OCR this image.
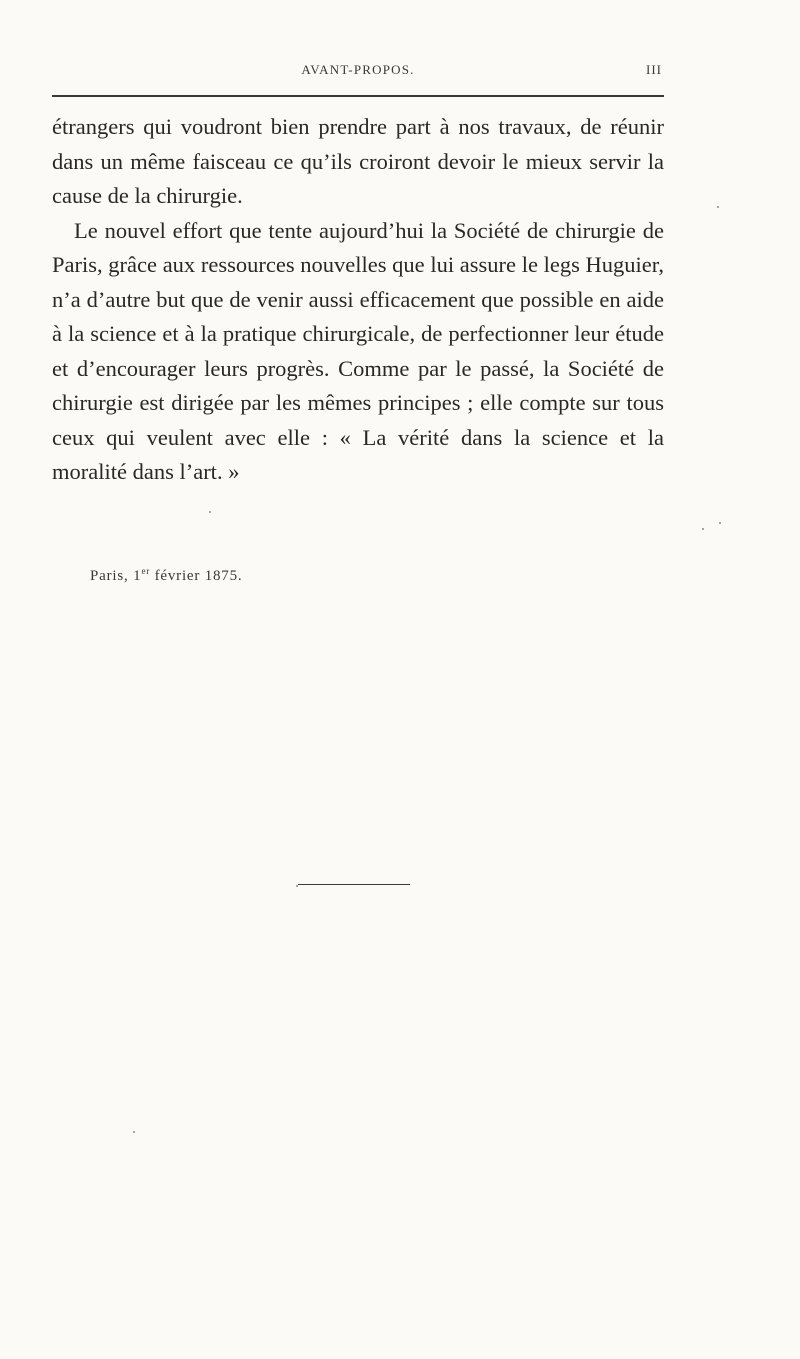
AVANT-PROPOS.	III

étrangers qui voudront bien prendre part à nos travaux, de réunir dans un même faisceau ce qu’ils croiront devoir le mieux servir la cause de la chirurgie.

Le nouvel effort que tente aujourd’hui la Société de chirurgie de Paris, grâce aux ressources nouvelles que lui assure le legs Huguier, n’a d’autre but que de venir aussi efficacement que possible en aide à la science et à la pratique chirurgicale, de perfectionner leur étude et d’encourager leurs progrès. Comme par le passé, la Société de chirurgie est dirigée par les mêmes principes ; elle compte sur tous ceux qui veulent avec elle : « La vérité dans la science et la moralité dans l’art. »

Paris, 1er février 1875.
